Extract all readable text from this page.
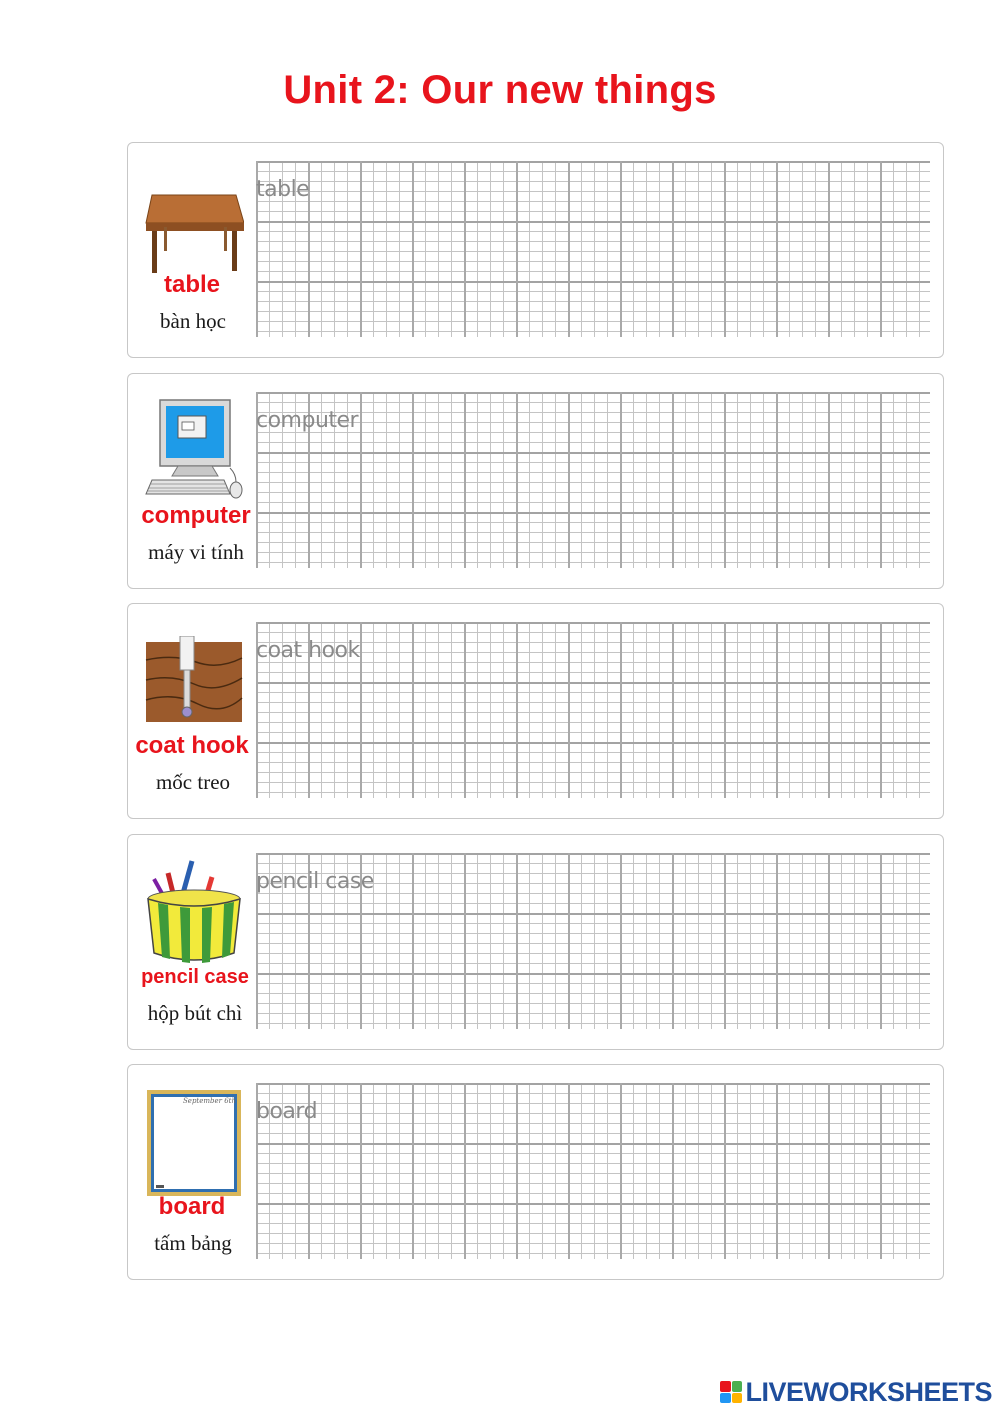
Unit 2: Our new things
table
bàn học
table
computer
máy vi tính
computer
coat hook
mốc treo
coat hook
pencil case
hộp bút chì
pencil case
September 6th
board
tấm bảng
board
LIVEWORKSHEETS
